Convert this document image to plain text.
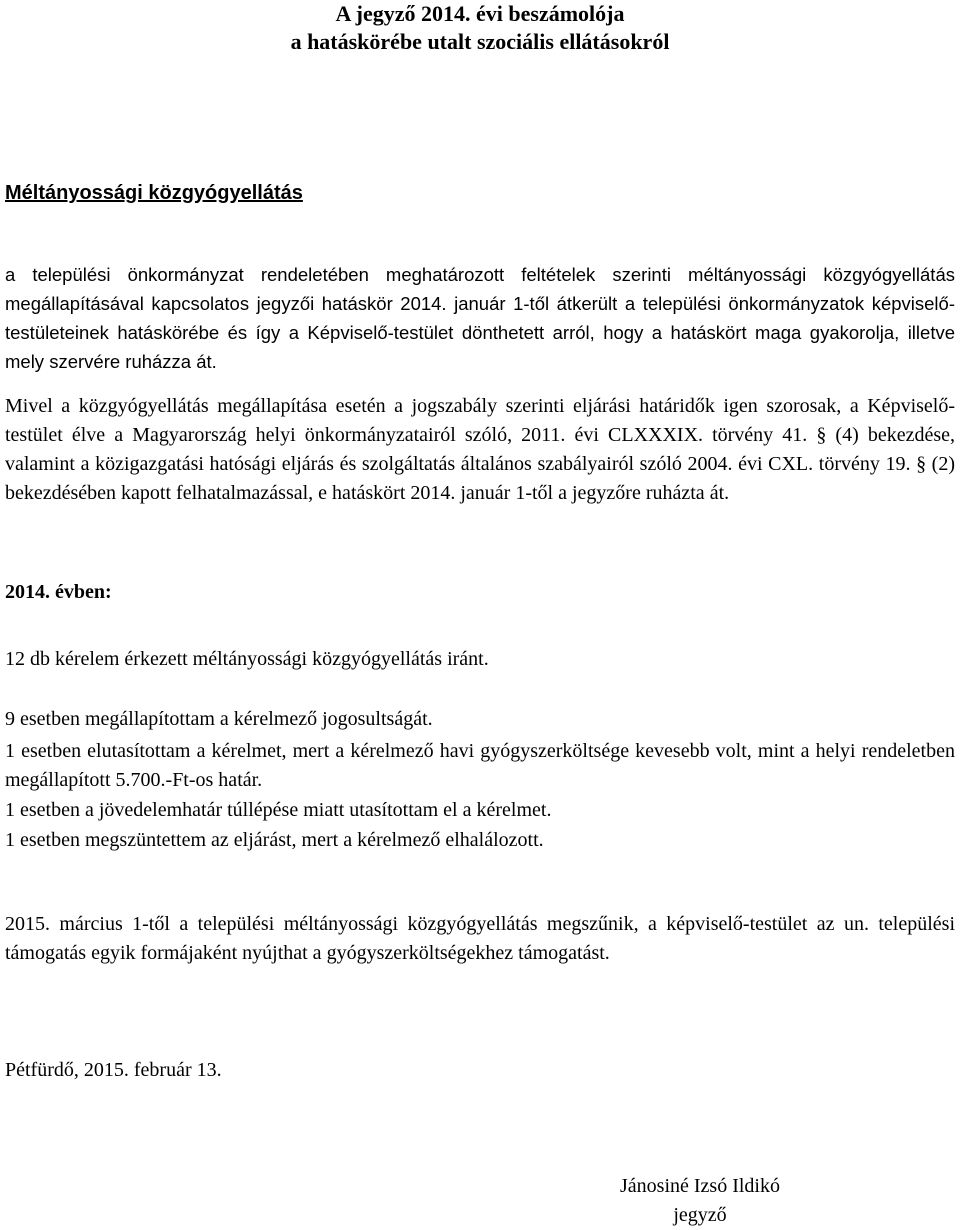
A jegyző 2014. évi beszámolója
a hatáskörébe utalt szociális ellátásokról
Méltányossági közgyógyellátás

a települési önkormányzat rendeletében meghatározott feltételek szerinti méltányossági közgyógyellátás megállapításával kapcsolatos jegyzői hatáskör 2014. január 1-től átkerült a települési önkormányzatok képviselő-testületeinek hatáskörébe és így a Képviselő-testület dönthetett arról, hogy a hatáskört maga gyakorolja, illetve mely szervére ruházza át.

Mivel a közgyógyellátás megállapítása esetén a jogszabály szerinti eljárási határidők igen szorosak, a Képviselő-testület élve a Magyarország helyi önkormányzatairól szóló, 2011. évi CLXXXIX. törvény 41. § (4) bekezdése, valamint a közigazgatási hatósági eljárás és szolgáltatás általános szabályairól szóló 2004. évi CXL. törvény 19. § (2) bekezdésében kapott felhatalmazással, e hatáskört 2014. január 1-től a jegyzőre ruházta át.

2014. évben:

12 db kérelem érkezett méltányossági közgyógyellátás iránt.

9 esetben megállapítottam a kérelmező jogosultságát.

1 esetben elutasítottam a kérelmet, mert a kérelmező havi gyógyszerköltsége kevesebb volt, mint a helyi rendeletben megállapított 5.700.-Ft-os határ.

1 esetben a jövedelemhatár túllépése miatt utasítottam el a kérelmet.

1 esetben megszüntettem az eljárást, mert a kérelmező elhalálozott.

2015. március 1-től a települési méltányossági közgyógyellátás megszűnik, a képviselő-testület az un. települési támogatás egyik formájaként nyújthat a gyógyszerköltségekhez támogatást.

Pétfürdő, 2015. február 13.

Jánosiné Izsó Ildikó

jegyző
